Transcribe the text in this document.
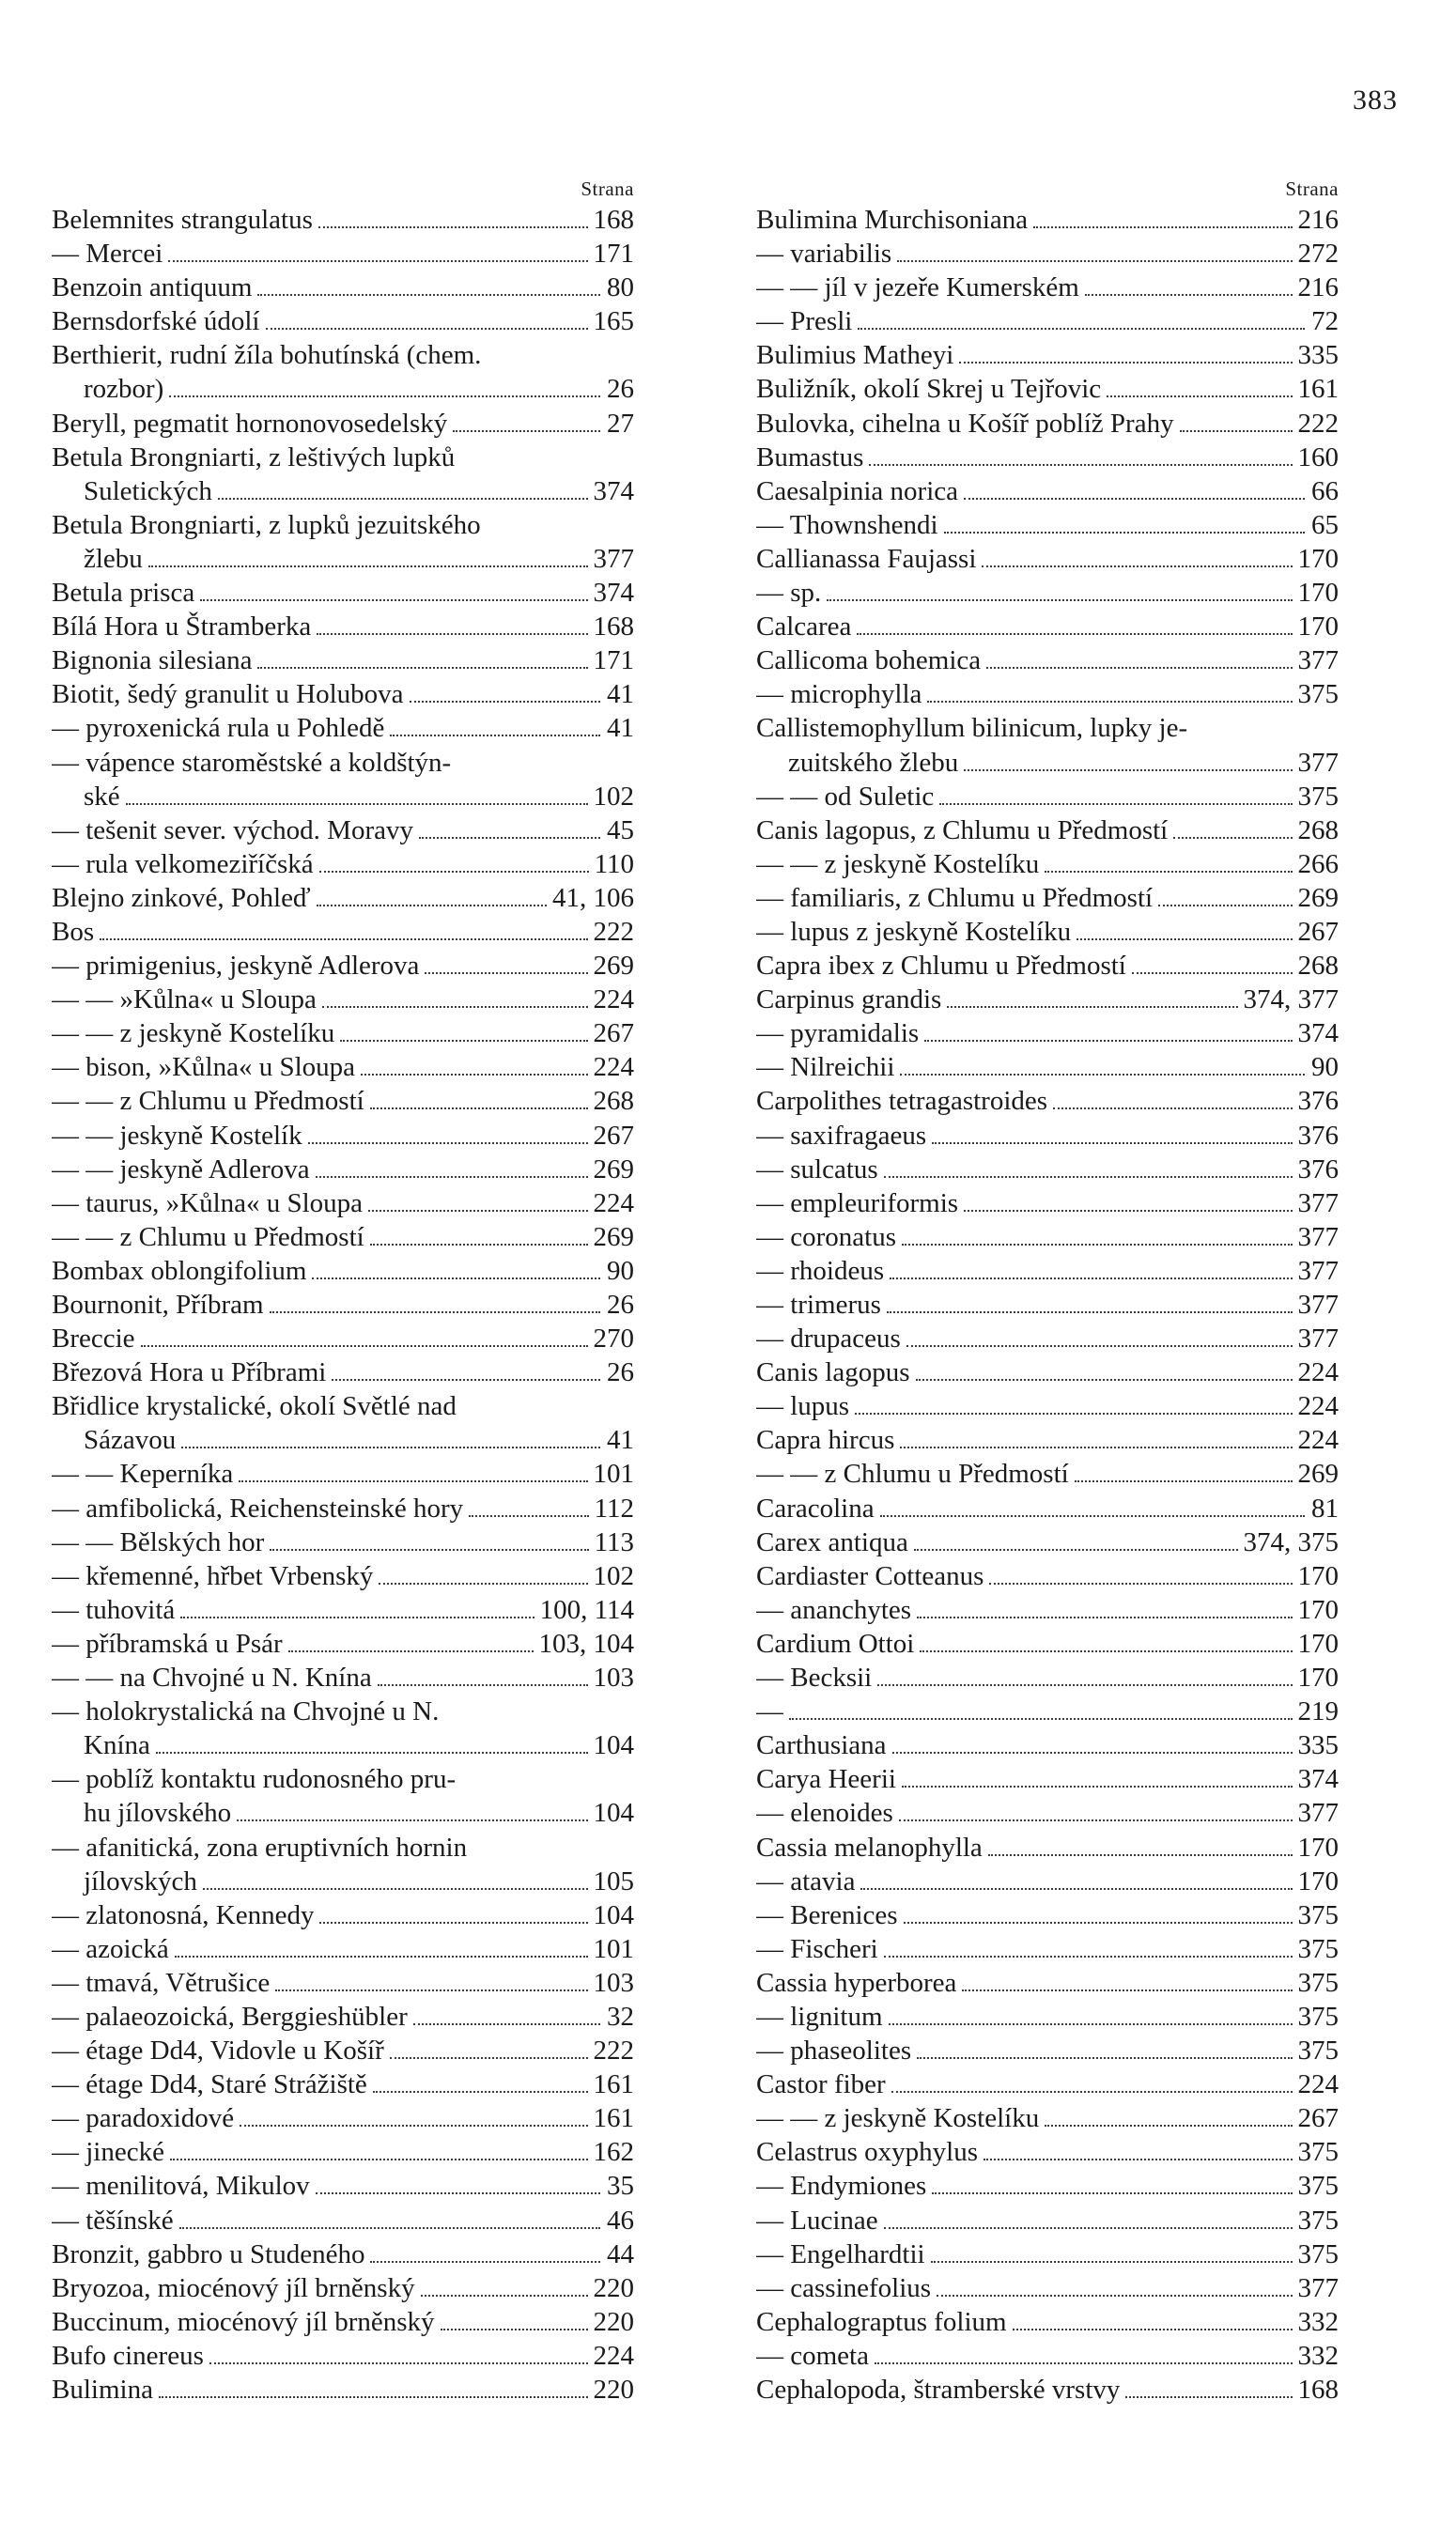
383
Strana
Belemnites strangulatus	168
— Mercei	171
Benzoin antiquum	80
Bernsdorfské údolí	165
Berthierit, rudní žíla bohutínská (chem.
rozbor)	26
Beryll, pegmatit hornonovosedelský	27
Betula Brongniarti, z leštivých lupků
Suletických	374
Betula Brongniarti, z lupků jezuitského
žlebu	377
Betula prisca	374
Bílá Hora u Štramberka	168
Bignonia silesiana	171
Biotit, šedý granulit u Holubova	41
— pyroxenická rula u Pohledě	41
— vápence staroměstské a koldštýn-
ské	102
— tešenit sever. východ. Moravy	45
— rula velkomeziříčská	110
Blejno zinkové, Pohleď	41, 106
Bos	222
— primigenius, jeskyně Adlerova	269
— — »Kůlna« u Sloupa	224
— — z jeskyně Kostelíku	267
— bison, »Kůlna« u Sloupa	224
— — z Chlumu u Předmostí	268
— — jeskyně Kostelík	267
— — jeskyně Adlerova	269
— taurus, »Kůlna« u Sloupa	224
— — z Chlumu u Předmostí	269
Bombax oblongifolium	90
Bournonit, Příbram	26
Breccie	270
Březová Hora u Příbrami	26
Břidlice krystalické, okolí Světlé nad
Sázavou	41
— — Keperníka	101
— amfibolická, Reichensteinské hory	112
— — Bělských hor	113
— křemenné, hřbet Vrbenský	102
— tuhovitá	100, 114
— příbramská u Psár	103, 104
— — na Chvojné u N. Knína	103
— holokrystalická na Chvojné u N.
Knína	104
— poblíž kontaktu rudonosného pru-
hu jílovského	104
— afanitická, zona eruptivních hornin
jílovských	105
— zlatonosná, Kennedy	104
— azoická	101
— tmavá, Větrušice	103
— palaeozoická, Berggieshübler	32
— étage Dd4, Vidovle u Košíř	222
— étage Dd4, Staré Strážiště	161
— paradoxidové	161
— jinecké	162
— menilitová, Mikulov	35
— těšínské	46
Bronzit, gabbro u Studeného	44
Bryozoa, miocénový jíl brněnský	220
Buccinum, miocénový jíl brněnský	220
Bufo cinereus	224
Bulimina	220
Strana
Bulimina Murchisoniana	216
— variabilis	272
— — jíl v jezeře Kumerském	216
— Presli	72
Bulimius Matheyi	335
Buližník, okolí Skrej u Tejřovic	161
Bulovka, cihelna u Košíř poblíž Prahy	222
Bumastus	160
Caesalpinia norica	66
— Thownshendi	65
Callianassa Faujassi	170
— sp.	170
Calcarea	170
Callicoma bohemica	377
— microphylla	375
Callistemophyllum bilinicum, lupky je-
zuitského žlebu	377
— — od Suletic	375
Canis lagopus, z Chlumu u Předmostí	268
— — z jeskyně Kostelíku	266
— familiaris, z Chlumu u Předmostí	269
— lupus z jeskyně Kostelíku	267
Capra ibex z Chlumu u Předmostí	268
Carpinus grandis	374, 377
— pyramidalis	374
— Nilreichii	90
Carpolithes tetragastroides	376
— saxifragaeus	376
— sulcatus	376
— empleuriformis	377
— coronatus	377
— rhoideus	377
— trimerus	377
— drupaceus	377
Canis lagopus	224
— lupus	224
Capra hircus	224
— — z Chlumu u Předmostí	269
Caracolina	81
Carex antiqua	374, 375
Cardiaster Cotteanus	170
— ananchytes	170
Cardium Ottoi	170
— Becksii	170
—	219
Carthusiana	335
Carya Heerii	374
— elenoides	377
Cassia melanophylla	170
— atavia	170
— Berenices	375
— Fischeri	375
Cassia hyperborea	375
— lignitum	375
— phaseolites	375
Castor fiber	224
— — z jeskyně Kostelíku	267
Celastrus oxyphylus	375
— Endymiones	375
— Lucinae	375
— Engelhardtii	375
— cassinefolius	377
Cephalograptus folium	332
— cometa	332
Cephalopoda, štramberské vrstvy	168
